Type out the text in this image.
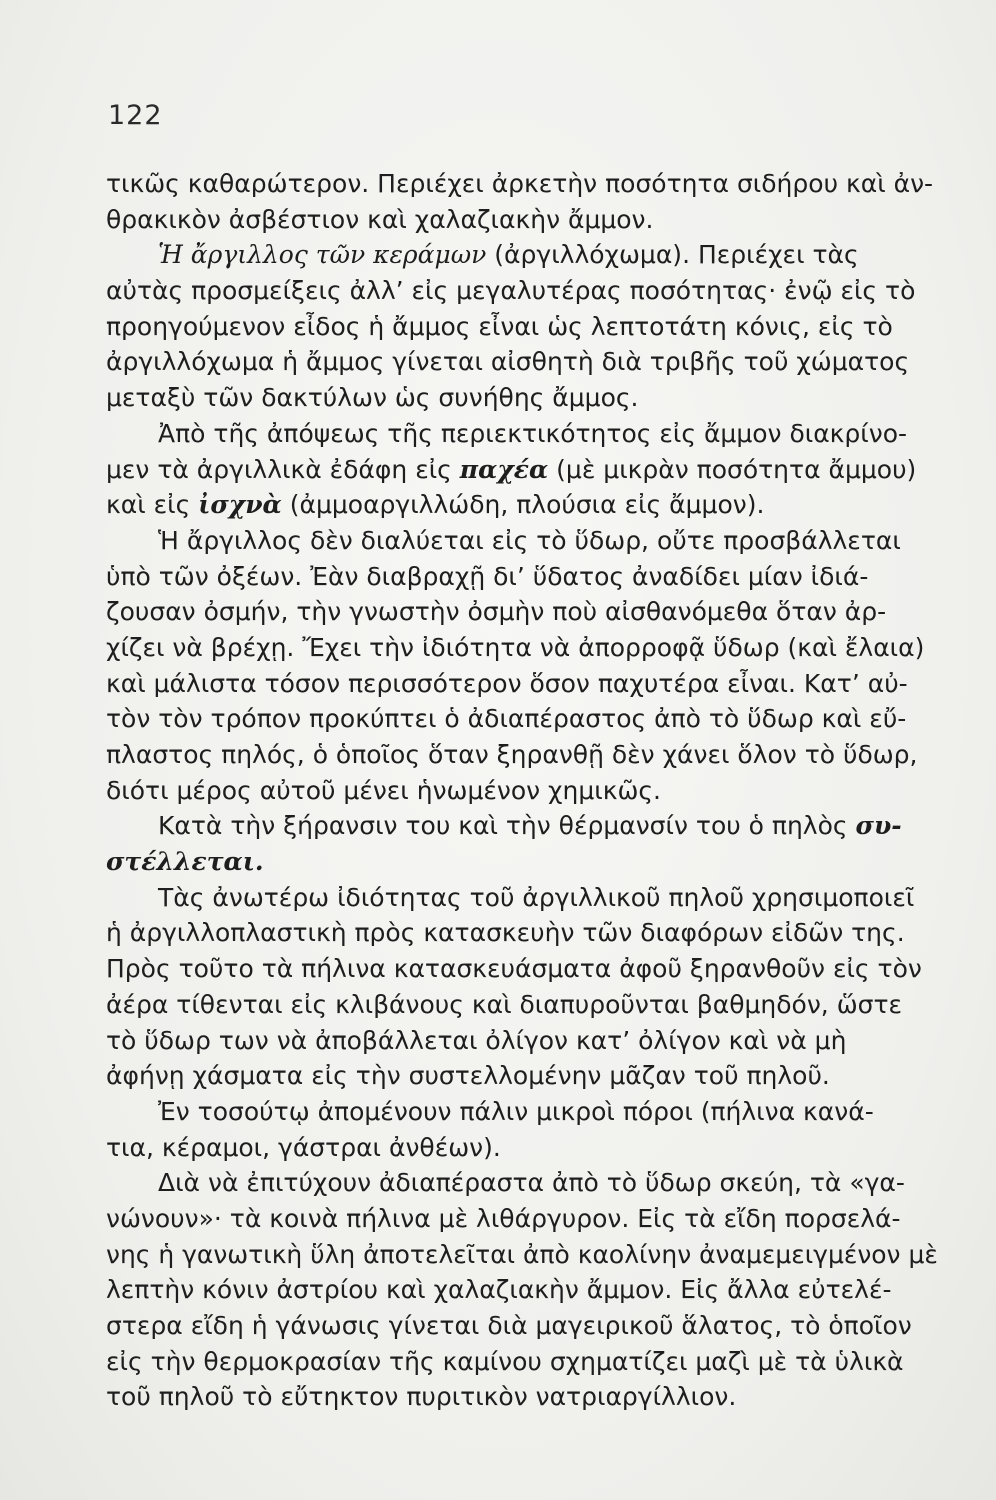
122
τικῶς καθαρώτερον. Περιέχει ἀρκετὴν ποσότητα σιδήρου καὶ ἀν-
θρακικὸν ἀσβέστιον καὶ χαλαζιακὴν ἄμμον.
Ἡ ἄργιλλος τῶν κεράμων (ἀργιλλόχωμα). Περιέχει τὰς
αὐτὰς προσμείξεις ἀλλ’ εἰς μεγαλυτέρας ποσότητας· ἐνῷ εἰς τὸ
προηγούμενον εἶδος ἡ ἄμμος εἶναι ὡς λεπτοτάτη κόνις, εἰς τὸ
ἀργιλλόχωμα ἡ ἄμμος γίνεται αἰσθητὴ διὰ τριβῆς τοῦ χώματος
μεταξὺ τῶν δακτύλων ὡς συνήθης ἄμμος.
Ἀπὸ τῆς ἀπόψεως τῆς περιεκτικότητος εἰς ἄμμον διακρίνο-
μεν τὰ ἀργιλλικὰ ἐδάφη εἰς παχέα (μὲ μικρὰν ποσότητα ἄμμου)
καὶ εἰς ἰσχνὰ (ἀμμοαργιλλώδη, πλούσια εἰς ἄμμον).
Ἡ ἄργιλλος δὲν διαλύεται εἰς τὸ ὕδωρ, οὔτε προσβάλλεται
ὑπὸ τῶν ὀξέων. Ἐὰν διαβραχῇ δι’ ὕδατος ἀναδίδει μίαν ἰδιά-
ζουσαν ὀσμήν, τὴν γνωστὴν ὀσμὴν ποὺ αἰσθανόμεθα ὅταν ἀρ-
χίζει νὰ βρέχῃ. Ἔχει τὴν ἰδιότητα νὰ ἀπορροφᾷ ὕδωρ (καὶ ἔλαια)
καὶ μάλιστα τόσον περισσότερον ὅσον παχυτέρα εἶναι. Κατ’ αὐ-
τὸν τὸν τρόπον προκύπτει ὁ ἀδιαπέραστος ἀπὸ τὸ ὕδωρ καὶ εὔ-
πλαστος πηλός, ὁ ὁποῖος ὅταν ξηρανθῇ δὲν χάνει ὅλον τὸ ὕδωρ,
διότι μέρος αὐτοῦ μένει ἡνωμένον χημικῶς.
Κατὰ τὴν ξήρανσιν του καὶ τὴν θέρμανσίν του ὁ πηλὸς συ-
στέλλεται.
Τὰς ἀνωτέρω ἰδιότητας τοῦ ἀργιλλικοῦ πηλοῦ χρησιμοποιεῖ
ἡ ἀργιλλοπλαστικὴ πρὸς κατασκευὴν τῶν διαφόρων εἰδῶν της.
Πρὸς τοῦτο τὰ πήλινα κατασκευάσματα ἀφοῦ ξηρανθοῦν εἰς τὸν
ἀέρα τίθενται εἰς κλιβάνους καὶ διαπυροῦνται βαθμηδόν, ὥστε
τὸ ὕδωρ των νὰ ἀποβάλλεται ὀλίγον κατ’ ὀλίγον καὶ νὰ μὴ
ἀφήνῃ χάσματα εἰς τὴν συστελλομένην μᾶζαν τοῦ πηλοῦ.
Ἐν τοσούτῳ ἀπομένουν πάλιν μικροὶ πόροι (πήλινα κανά-
τια, κέραμοι, γάστραι ἀνθέων).
Διὰ νὰ ἐπιτύχουν ἀδιαπέραστα ἀπὸ τὸ ὕδωρ σκεύη, τὰ «γα-
νώνουν»· τὰ κοινὰ πήλινα μὲ λιθάργυρον. Εἰς τὰ εἴδη πορσελά-
νης ἡ γανωτικὴ ὕλη ἀποτελεῖται ἀπὸ καολίνην ἀναμεμειγμένον μὲ
λεπτὴν κόνιν ἀστρίου καὶ χαλαζιακὴν ἄμμον. Εἰς ἄλλα εὐτελέ-
στερα εἴδη ἡ γάνωσις γίνεται διὰ μαγειρικοῦ ἅλατος, τὸ ὁποῖον
εἰς τὴν θερμοκρασίαν τῆς καμίνου σχηματίζει μαζὶ μὲ τὰ ὑλικὰ
τοῦ πηλοῦ τὸ εὔτηκτον πυριτικὸν νατριαργίλλιον.
